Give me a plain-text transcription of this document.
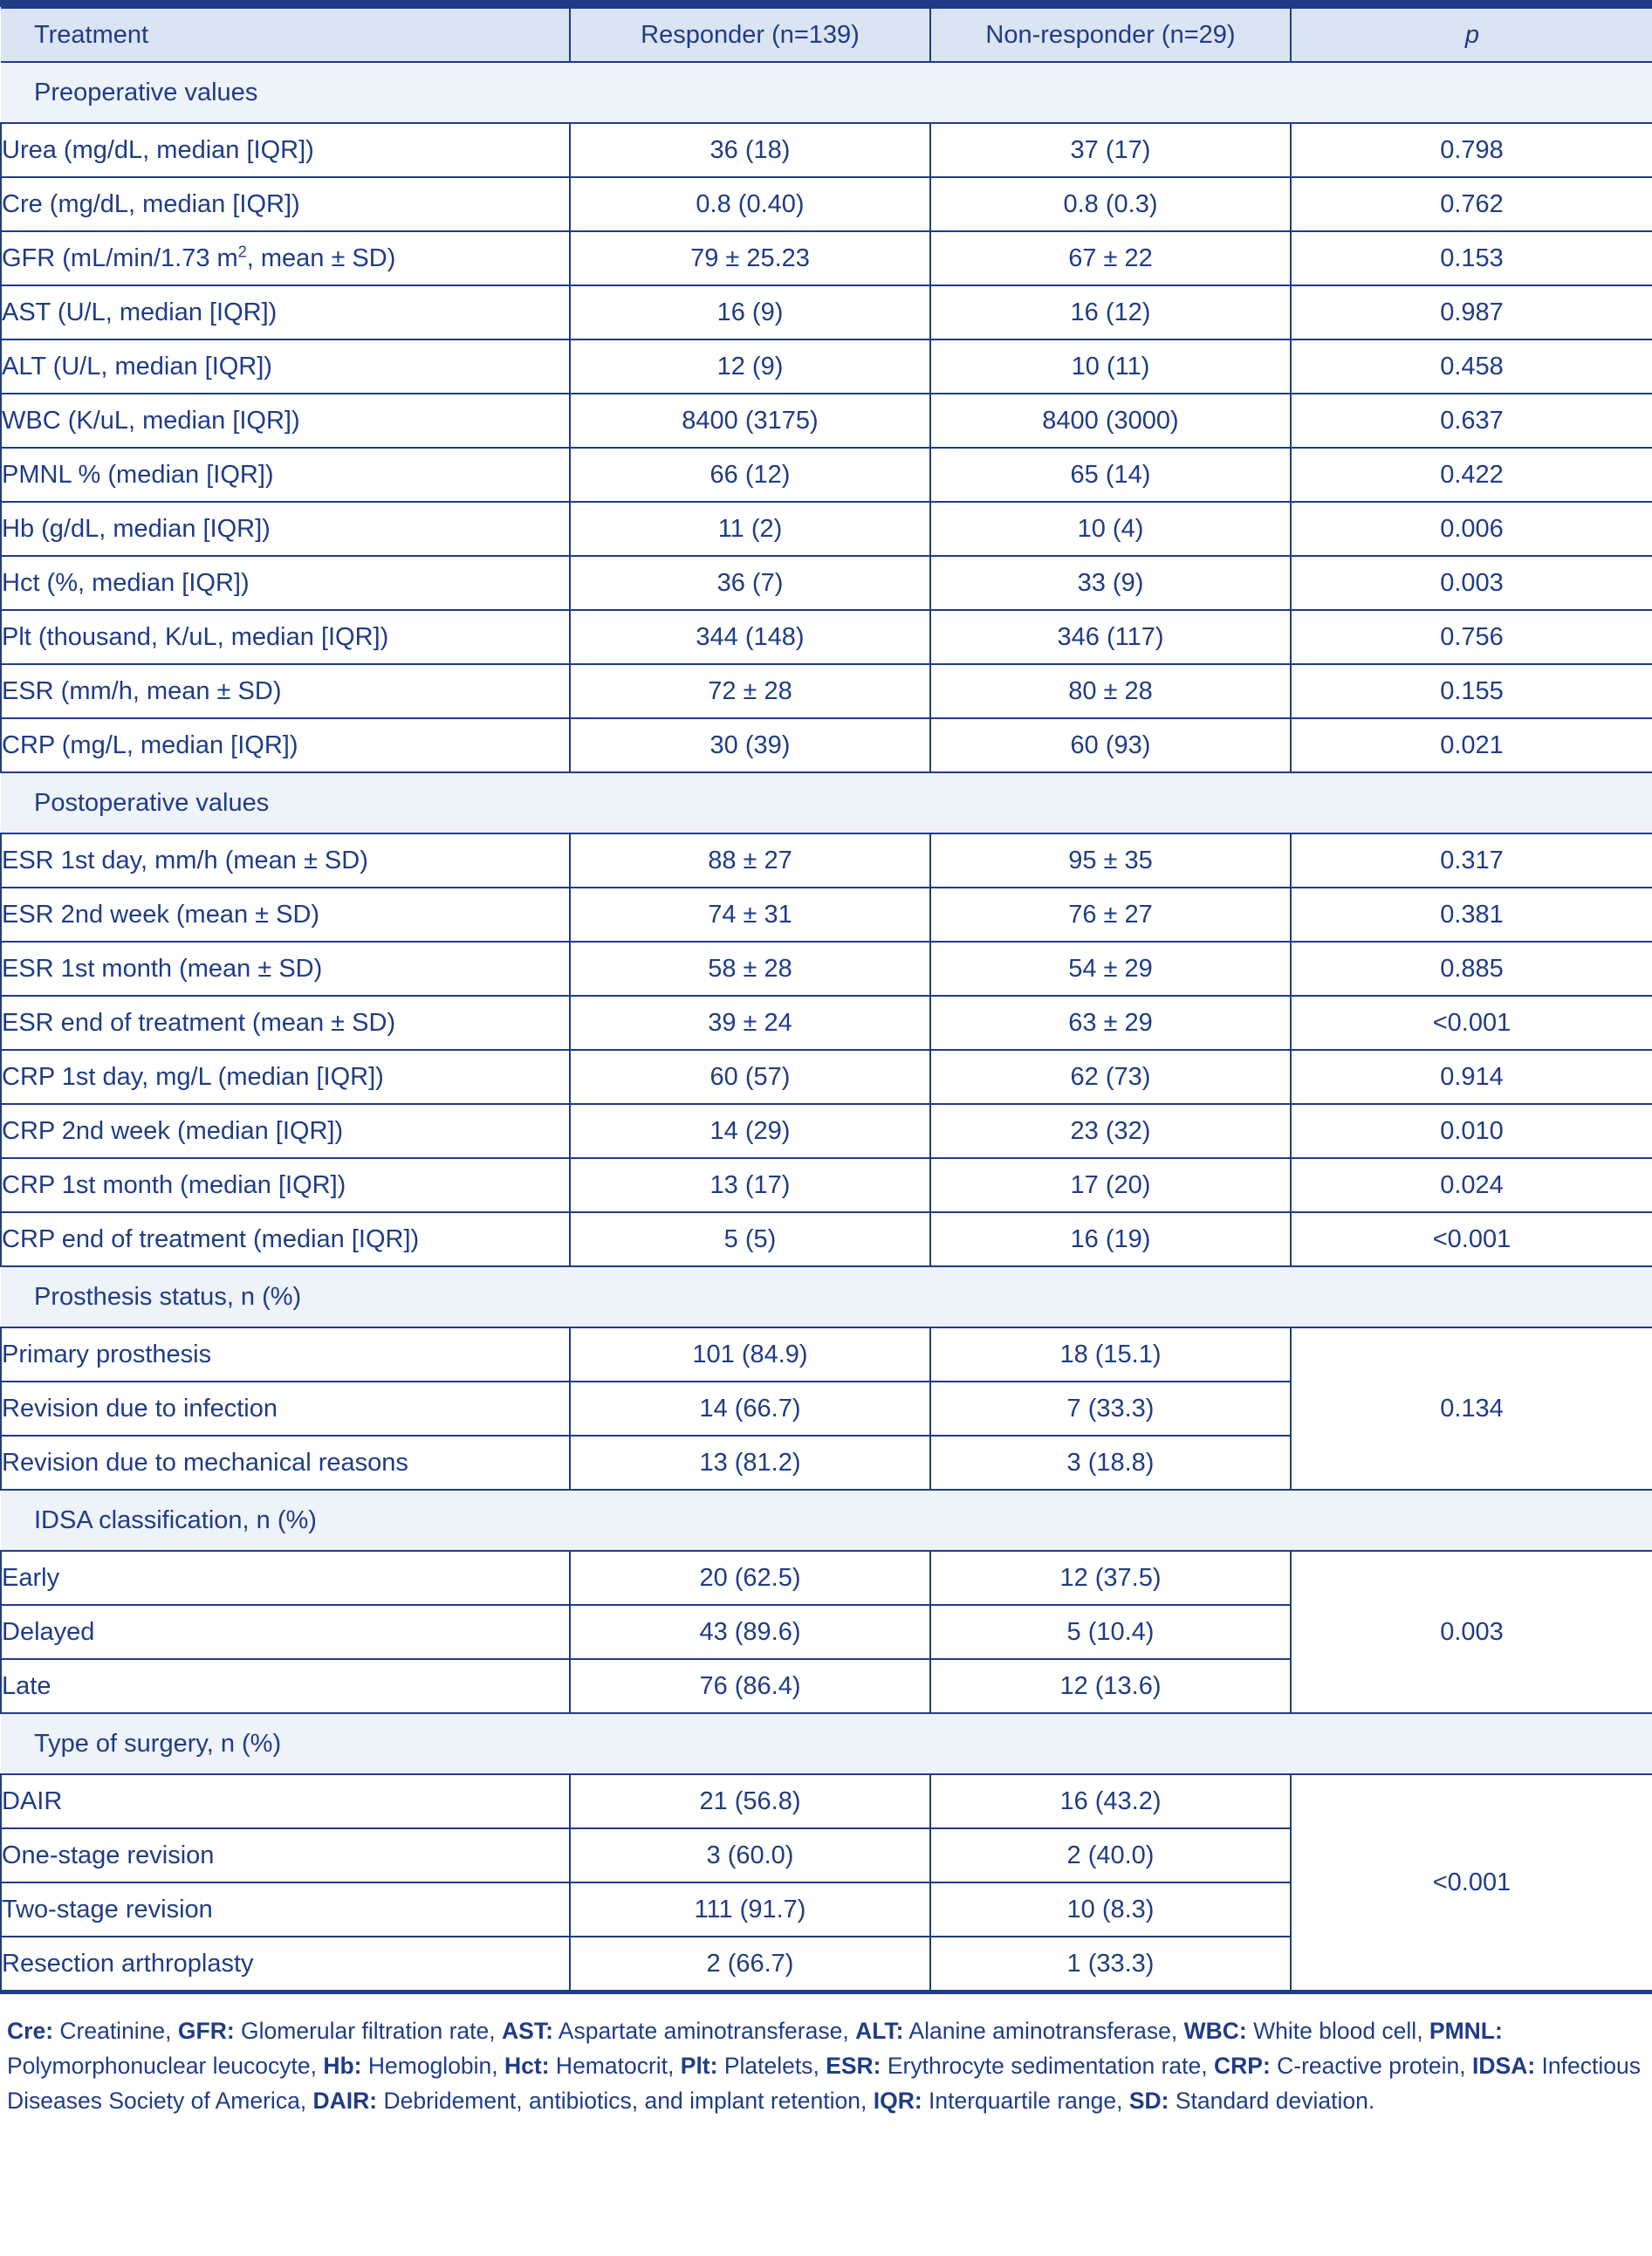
Treatment	Responder (n=139)	Non-responder (n=29)	p
Preoperative values			
Urea (mg/dL, median [IQR])	36 (18)	37 (17)	0.798
Cre (mg/dL, median [IQR])	0.8 (0.40)	0.8 (0.3)	0.762
GFR (mL/min/1.73 $m^2$, mean ± SD)	79 ± 25.23	67 ± 22	0.153
AST (U/L, median [IQR])	16 (9)	16 (12)	0.987
ALT (U/L, median [IQR])	12 (9)	10 (11)	0.458
WBC (K/uL, median [IQR])	8400 (3175)	8400 (3000)	0.637
PMNL % (median [IQR])	66 (12)	65 (14)	0.422
Hb (g/dL, median [IQR])	11 (2)	10 (4)	0.006
Hct (%, median [IQR])	36 (7)	33 (9)	0.003
Plt (thousand, K/uL, median [IQR])	344 (148)	346 (117)	0.756
ESR (mm/h, mean ± SD)	72 ± 28	80 ± 28	0.155
CRP (mg/L, median [IQR])	30 (39)	60 (93)	0.021
Postoperative values			
ESR 1st day, mm/h (mean ± SD)	88 ± 27	95 ± 35	0.317
ESR 2nd week (mean ± SD)	74 ± 31	76 ± 27	0.381
ESR 1st month (mean ± SD)	58 ± 28	54 ± 29	0.885
ESR end of treatment (mean ± SD)	39 ± 24	63 ± 29	<0.001
CRP 1st day, mg/L (median [IQR])	60 (57)	62 (73)	0.914
CRP 2nd week (median [IQR])	14 (29)	23 (32)	0.010
CRP 1st month (median [IQR])	13 (17)	17 (20)	0.024
CRP end of treatment (median [IQR])	5 (5)	16 (19)	<0.001
Prosthesis status, n (%)			
Primary prosthesis	101 (84.9)	18 (15.1)	0.134
Revision due to infection	14 (66.7)	7 (33.3)	
Revision due to mechanical reasons	13 (81.2)	3 (18.8)	
IDSA classification, n (%)			
Early	20 (62.5)	12 (37.5)	0.003
Delayed	43 (89.6)	5 (10.4)	
Late	76 (86.4)	12 (13.6)	
Type of surgery, n (%)			
DAIR	21 (56.8)	16 (43.2)	<0.001
One-stage revision	3 (60.0)	2 (40.0)	
Two-stage revision	111 (91.7)	10 (8.3)	
Resection arthroplasty	2 (66.7)	1 (33.3)	
Cre: Creatinine, GFR: Glomerular filtration rate, AST: Aspartate aminotransferase, ALT: Alanine aminotransferase, WBC: White blood cell, PMNL: Polymorphonuclear leucocyte, Hb: Hemoglobin, Hct: Hematocrit, Plt: Platelets, ESR: Erythrocyte sedimentation rate, CRP: C-reactive protein, IDSA: Infectious Diseases Society of America, DAIR: Debridement, antibiotics, and implant retention, IQR: Interquartile range, SD: Standard deviation.
